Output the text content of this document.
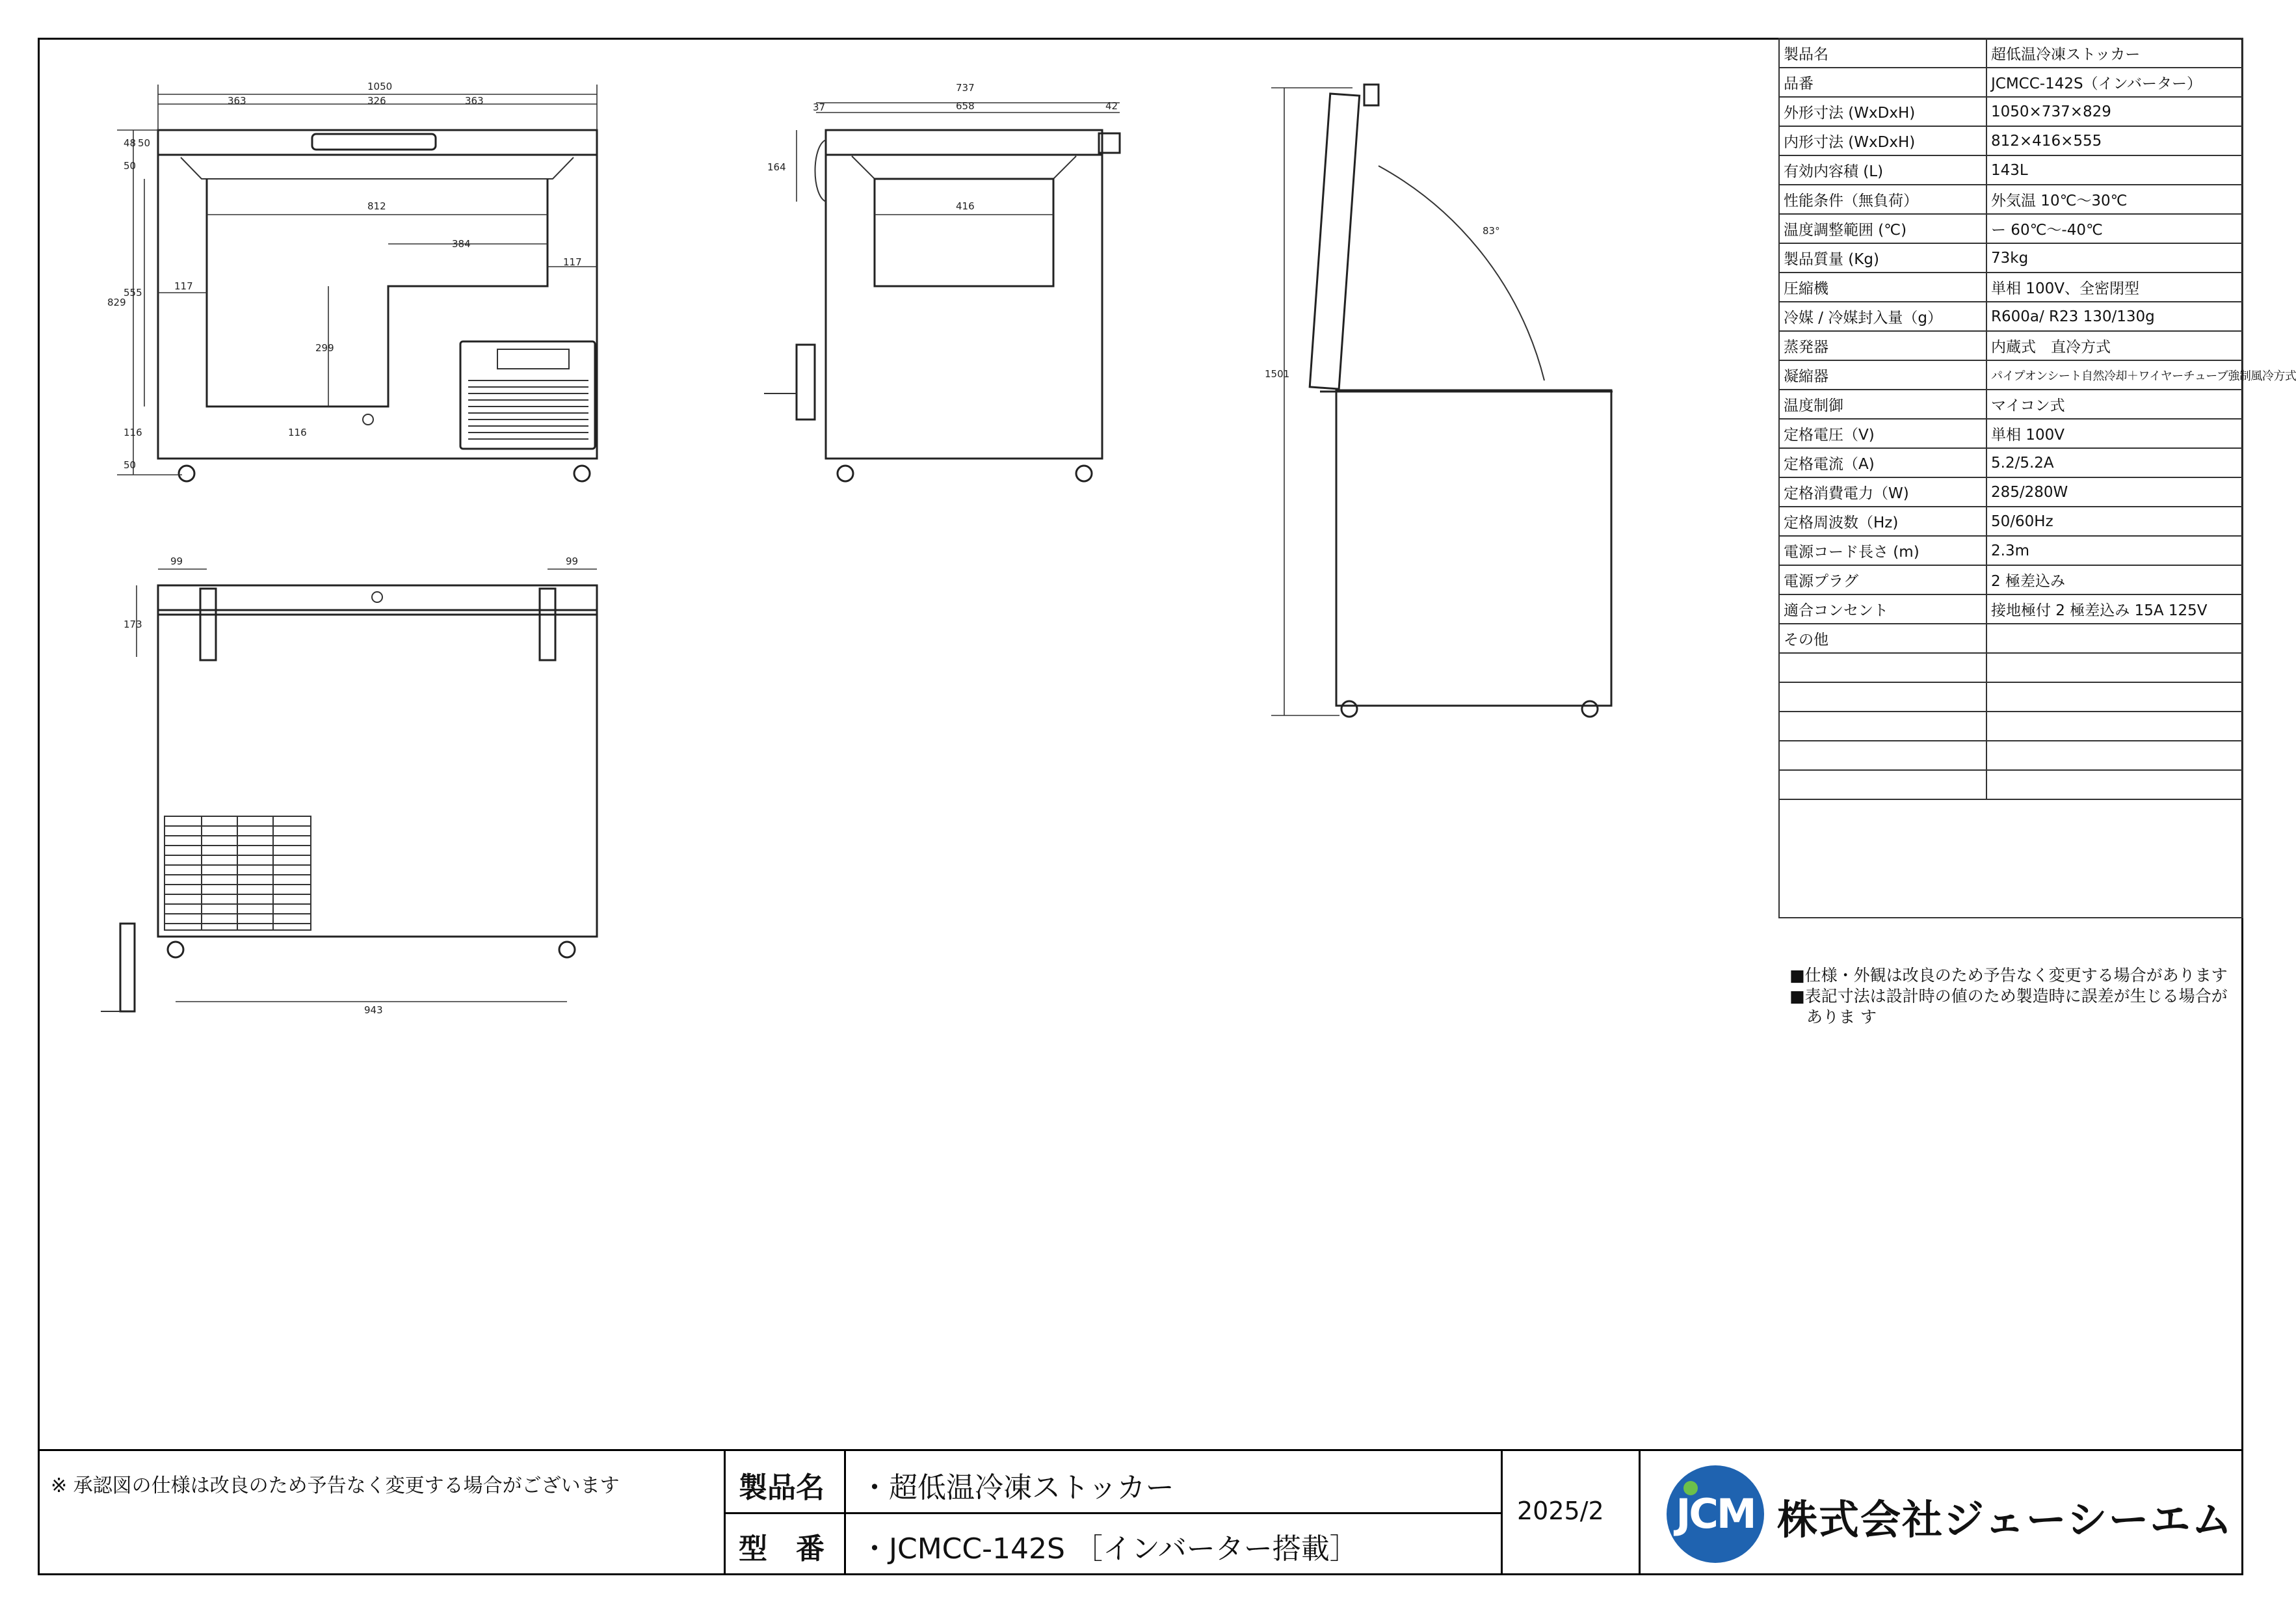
1050
363	326	363
812
384
117
117
829
555
299
116	116
50
48 50
50
737
37	658	42
416
164
83°
1501
99	99
173
943
製品名	超低温冷凍ストッカー
品番	JCMCC-142S（インバーター）
外形寸法 (WxDxH)	1050×737×829
内形寸法 (WxDxH)	812×416×555
有効内容積 (L)	143L
性能条件（無負荷）	外気温 10℃～30℃
温度調整範囲 (℃)	ー 60℃～-40℃
製品質量 (Kg)	73kg
圧縮機	単相 100V、全密閉型
冷媒 / 冷媒封入量（g）	R600a/ R23 130/130g
蒸発器	内蔵式　直冷方式
凝縮器	パイプオンシート自然冷却＋ワイヤーチューブ強制風冷方式
温度制御	マイコン式
定格電圧（V)	単相 100V
定格電流（A)	5.2/5.2A
定格消費電力（W)	285/280W
定格周波数（Hz)	50/60Hz
電源コード長さ (m)	2.3m
電源プラグ	2 極差込み
適合コンセント	接地極付 2 極差込み 15A 125V
その他	

■仕様・外観は改良のため予告なく変更する場合があります
■表記寸法は設計時の値のため製造時に誤差が生じる場合が
ありま す
※ 承認図の仕様は改良のため予告なく変更する場合がございます	製品名 ・超低温冷凍ストッカー
型　番 ・JCMCC-142S ［インバーター搭載］
2025/2 JCM 株式会社ジェーシーエム
